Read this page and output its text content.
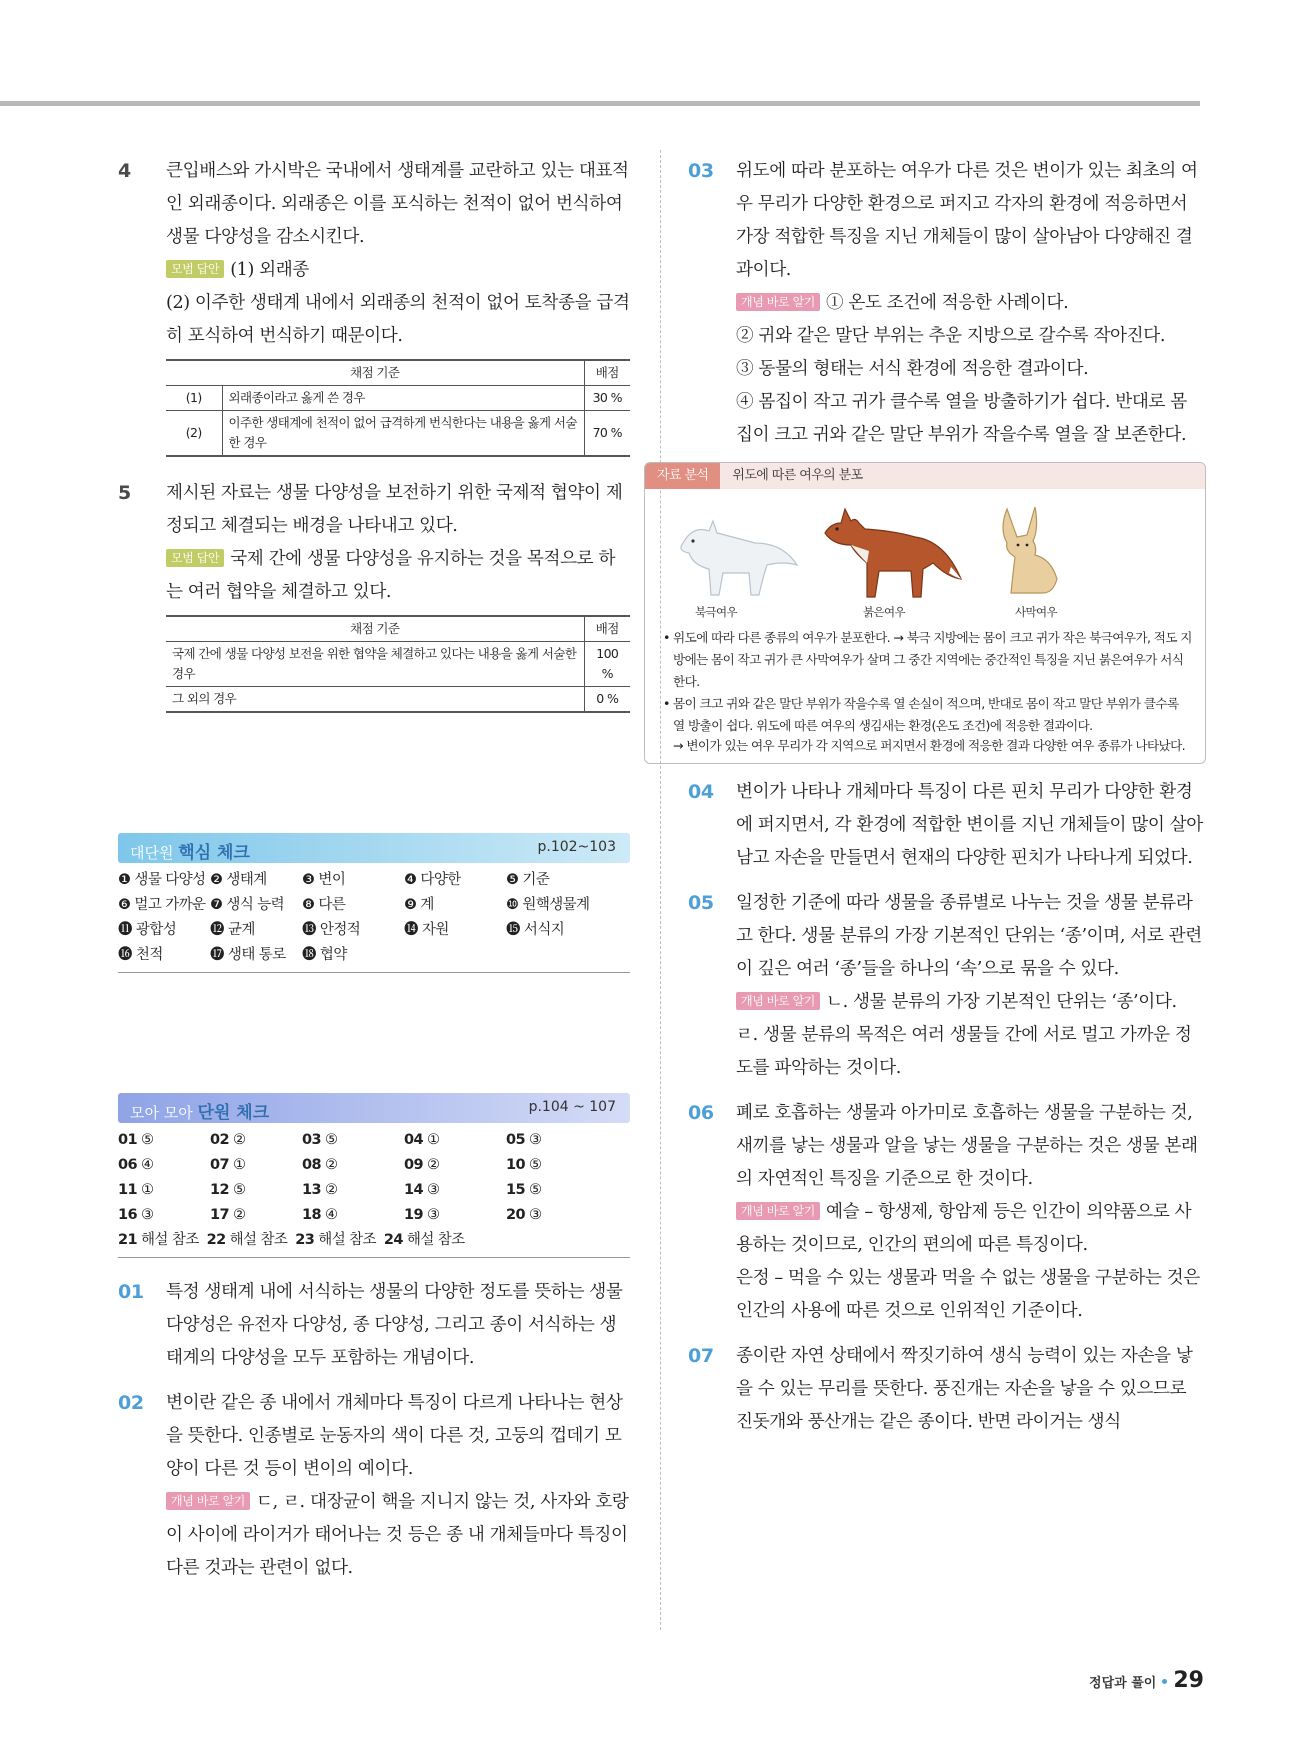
4 큰입배스와 가시박은 국내에서 생태계를 교란하고 있는 대표적인 외래종이다. 외래종은 이를 포식하는 천적이 없어 번식하여 생물 다양성을 감소시킨다.

모범 답안 (1) 외래종

(2) 이주한 생태계 내에서 외래종의 천적이 없어 토착종을 급격히 포식하여 번식하기 때문이다.

채점 기준		배점
(1)	외래종이라고 옳게 쓴 경우	30 %
(2)	이주한 생태계에 천적이 없어 급격하게 번식한다는 내용을 옳게 서술한 경우	70 %
5 제시된 자료는 생물 다양성을 보전하기 위한 국제적 협약이 제정되고 체결되는 배경을 나타내고 있다.

모범 답안 국제 간에 생물 다양성을 유지하는 것을 목적으로 하는 여러 협약을 체결하고 있다.

채점 기준	배점
국제 간에 생물 다양성 보전을 위한 협약을 체결하고 있다는 내용을 옳게 서술한 경우	100 %
그 외의 경우	0 %
대단원 핵심 체크	p.102~103
❶ 생물 다양성 ❷ 생태계	❸ 변이	❹ 다양한	❺ 기준
❻ 멀고 가까운 ❼ 생식 능력	❽ 다른	❾ 계	❿ 원핵생물계
⓫ 광합성	⓬ 균계	⓭ 안정적	⓮ 자원	⓯ 서식지
⓰ 천적	⓱ 생태 통로	⓲ 협약
모아 모아 단원 체크	p.104 ~ 107
01 ⑤	02 ②	03 ⑤	04 ①	05 ③
06 ④	07 ①	08 ②	09 ②	10 ⑤
11 ①	12 ⑤	13 ②	14 ③	15 ⑤
16 ③	17 ②	18 ④	19 ③	20 ③
21 해설 참조 22 해설 참조 23 해설 참조 24 해설 참조
01 특정 생태계 내에 서식하는 생물의 다양한 정도를 뜻하는 생물 다양성은 유전자 다양성, 종 다양성, 그리고 종이 서식하는 생태계의 다양성을 모두 포함하는 개념이다.

02 변이란 같은 종 내에서 개체마다 특징이 다르게 나타나는 현상을 뜻한다. 인종별로 눈동자의 색이 다른 것, 고둥의 껍데기 모양이 다른 것 등이 변이의 예이다.

개념 바로 알기 ㄷ, ㄹ. 대장균이 핵을 지니지 않는 것, 사자와 호랑이 사이에 라이거가 태어나는 것 등은 종 내 개체들마다 특징이 다른 것과는 관련이 없다.

03 위도에 따라 분포하는 여우가 다른 것은 변이가 있는 최초의 여우 무리가 다양한 환경으로 퍼지고 각자의 환경에 적응하면서 가장 적합한 특징을 지닌 개체들이 많이 살아남아 다양해진 결과이다.

개념 바로 알기 ① 온도 조건에 적응한 사례이다.

② 귀와 같은 말단 부위는 추운 지방으로 갈수록 작아진다.

③ 동물의 형태는 서식 환경에 적응한 결과이다.

④ 몸집이 작고 귀가 클수록 열을 방출하기가 쉽다. 반대로 몸집이 크고 귀와 같은 말단 부위가 작을수록 열을 잘 보존한다.

자료 분석	위도에 따른 여우의 분포
북극여우	붉은여우	사막여우
• 위도에 따라 다른 종류의 여우가 분포한다. → 북극 지방에는 몸이 크고 귀가 작은 북극여우가, 적도 지방에는 몸이 작고 귀가 큰 사막여우가 살며 그 중간 지역에는 중간적인 특징을 지닌 붉은여우가 서식한다.
• 몸이 크고 귀와 같은 말단 부위가 작을수록 열 손실이 적으며, 반대로 몸이 작고 말단 부위가 클수록 열 방출이 쉽다. 위도에 따른 여우의 생김새는 환경(온도 조건)에 적응한 결과이다.

→ 변이가 있는 여우 무리가 각 지역으로 퍼지면서 환경에 적응한 결과 다양한 여우 종류가 나타났다.

04 변이가 나타나 개체마다 특징이 다른 핀치 무리가 다양한 환경에 퍼지면서, 각 환경에 적합한 변이를 지닌 개체들이 많이 살아남고 자손을 만들면서 현재의 다양한 핀치가 나타나게 되었다.

05 일정한 기준에 따라 생물을 종류별로 나누는 것을 생물 분류라고 한다. 생물 분류의 가장 기본적인 단위는 ‘종’이며, 서로 관련이 깊은 여러 ‘종’들을 하나의 ‘속’으로 묶을 수 있다.

개념 바로 알기 ㄴ. 생물 분류의 가장 기본적인 단위는 ‘종’이다.

ㄹ. 생물 분류의 목적은 여러 생물들 간에 서로 멀고 가까운 정도를 파악하는 것이다.

06 폐로 호흡하는 생물과 아가미로 호흡하는 생물을 구분하는 것, 새끼를 낳는 생물과 알을 낳는 생물을 구분하는 것은 생물 본래의 자연적인 특징을 기준으로 한 것이다.

개념 바로 알기 예슬 – 항생제, 항암제 등은 인간이 의약품으로 사용하는 것이므로, 인간의 편의에 따른 특징이다.

은정 – 먹을 수 있는 생물과 먹을 수 없는 생물을 구분하는 것은 인간의 사용에 따른 것으로 인위적인 기준이다.

07 종이란 자연 상태에서 짝짓기하여 생식 능력이 있는 자손을 낳을 수 있는 무리를 뜻한다. 풍진개는 자손을 낳을 수 있으므로 진돗개와 풍산개는 같은 종이다. 반면 라이거는 생식

정답과 풀이 29
